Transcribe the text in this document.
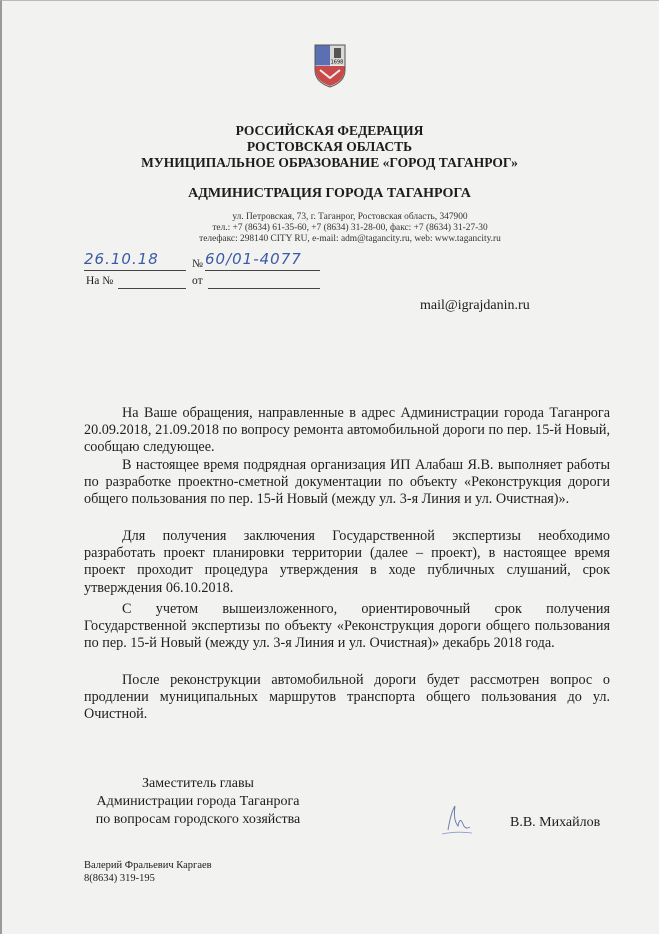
1698
РОССИЙСКАЯ ФЕДЕРАЦИЯ
РОСТОВСКАЯ ОБЛАСТЬ
МУНИЦИПАЛЬНОЕ ОБРАЗОВАНИЕ «ГОРОД ТАГАНРОГ»
АДМИНИСТРАЦИЯ ГОРОДА ТАГАНРОГА
ул. Петровская, 73, г. Таганрог, Ростовская область, 347900
тел.: +7 (8634) 61-35-60, +7 (8634) 31-28-00, факс: +7 (8634) 31-27-30
телефакс: 298140 CITY RU, e-mail: adm@tagancity.ru, web: www.tagancity.ru
26.10.18	№ 60/01-4077
На №	от
mail@igrajdanin.ru

На Ваше обращения, направленные в адрес Администрации города Таганрога 20.09.2018, 21.09.2018 по вопросу ремонта автомобильной дороги по пер. 15-й Новый, сообщаю следующее.

В настоящее время подрядная организация ИП Алабаш Я.В. выполняет работы по разработке проектно-сметной документации по объекту «Реконструкция дороги общего пользования по пер. 15-й Новый (между ул. 3-я Линия и ул. Очистная)».

Для получения заключения Государственной экспертизы необходимо разработать проект планировки территории (далее – проект), в настоящее время проект проходит процедура утверждения в ходе публичных слушаний, срок утверждения 06.10.2018.

С учетом вышеизложенного, ориентировочный срок получения Государственной экспертизы по объекту «Реконструкция дороги общего пользования по пер. 15-й Новый (между ул. 3-я Линия и ул. Очистная)» декабрь 2018 года.

После реконструкции автомобильной дороги будет рассмотрен вопрос о продлении муниципальных маршрутов транспорта общего пользования до ул. Очистной.

Заместитель главы
Администрации города Таганрога
по вопросам городского хозяйства	В.В. Михайлов
Валерий Фральевич Каргаев
8(8634) 319-195
